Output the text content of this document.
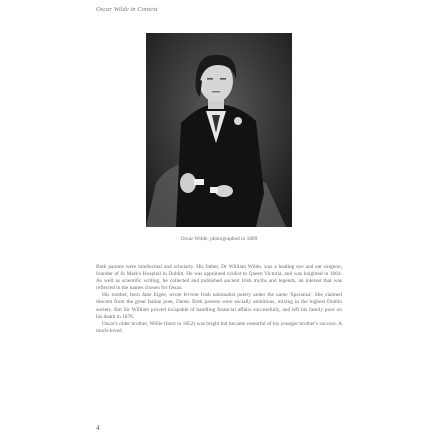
Oscar Wilde in Context
Oscar Wilde, photographed in 1889

Both parents were intellectual and scholarly. His father, Dr William Wilde, was a leading eye and ear surgeon, founder of St Mark's Hospital in Dublin. He was appointed oculist to Queen Victoria, and was knighted in 1864. As well as scientific writing, he collected and published ancient Irish myths and legends, an interest that was reflected in the names chosen for Oscar.

His mother, born Jane Elgee, wrote fervent Irish nationalist poetry under the name 'Speranza'. She claimed descent from the great Italian poet, Dante. Both parents were socially ambitious, mixing in the highest Dublin society. But Sir William proved incapable of handling financial affairs successfully, and left his family poor on his death in 1876.

Oscar's older brother, Willie (born in 1852) was bright but became resentful of his younger brother's success. A much-loved

4
